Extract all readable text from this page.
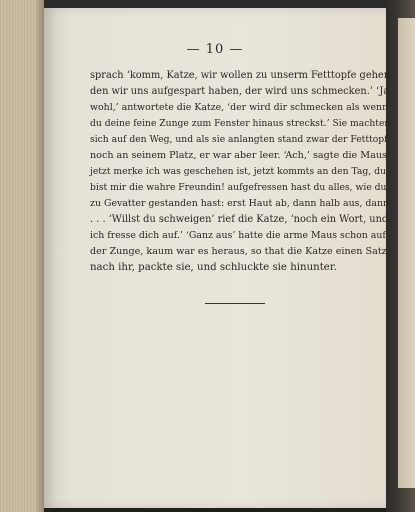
— 10 —
sprach ‘komm, Katze, wir wollen zu unserm Fetttopfe gehen
den wir uns aufgespart haben, der wird uns schmecken.’ ‘Ja
wohl,’ antwortete die Katze, ‘der wird dir schmecken als wenn
du deine feine Zunge zum Fenster hinaus streckst.’ Sie machten
sich auf den Weg, und als sie anlangten stand zwar der Fetttopf
noch an seinem Platz, er war aber leer. ‘Ach,’ sagte die Maus
jetzt merke ich was geschehen ist, jetzt kommts an den Tag, du
bist mir die wahre Freundin! aufgefressen hast du alles, wie du
zu Gevatter gestanden hast: erst Haut ab, dann halb aus, dann
. . . ‘Willst du schweigen’ rief die Katze, ‘noch ein Wort, und
ich fresse dich auf.’ ‘Ganz aus’ hatte die arme Maus schon auf
der Zunge, kaum war es heraus, so that die Katze einen Satz
nach ihr, packte sie, und schluckte sie hinunter.
